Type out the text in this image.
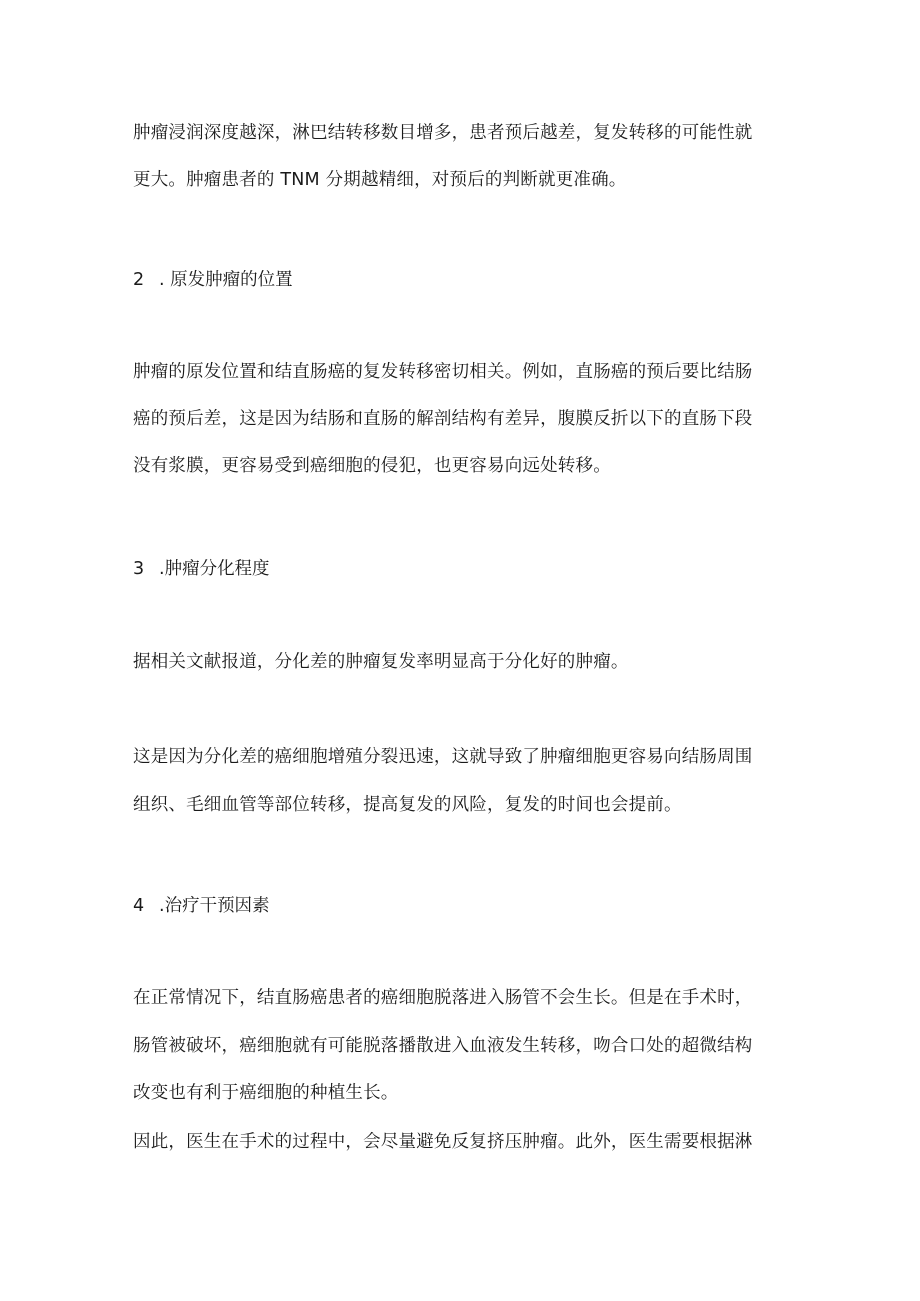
肿瘤浸润深度越深，淋巴结转移数目增多，患者预后越差，复发转移的可能性就
更大。肿瘤患者的 TNM 分期越精细，对预后的判断就更准确。
2 . 原发肿瘤的位置
肿瘤的原发位置和结直肠癌的复发转移密切相关。例如，直肠癌的预后要比结肠
癌的预后差，这是因为结肠和直肠的解剖结构有差异，腹膜反折以下的直肠下段
没有浆膜，更容易受到癌细胞的侵犯，也更容易向远处转移。
3 .肿瘤分化程度
据相关文献报道，分化差的肿瘤复发率明显高于分化好的肿瘤。
这是因为分化差的癌细胞增殖分裂迅速，这就导致了肿瘤细胞更容易向结肠周围
组织、毛细血管等部位转移，提高复发的风险，复发的时间也会提前。
4 .治疗干预因素
在正常情况下，结直肠癌患者的癌细胞脱落进入肠管不会生长。但是在手术时，
肠管被破坏，癌细胞就有可能脱落播散进入血液发生转移，吻合口处的超微结构
改变也有利于癌细胞的种植生长。
因此，医生在手术的过程中，会尽量避免反复挤压肿瘤。此外，医生需要根据淋
